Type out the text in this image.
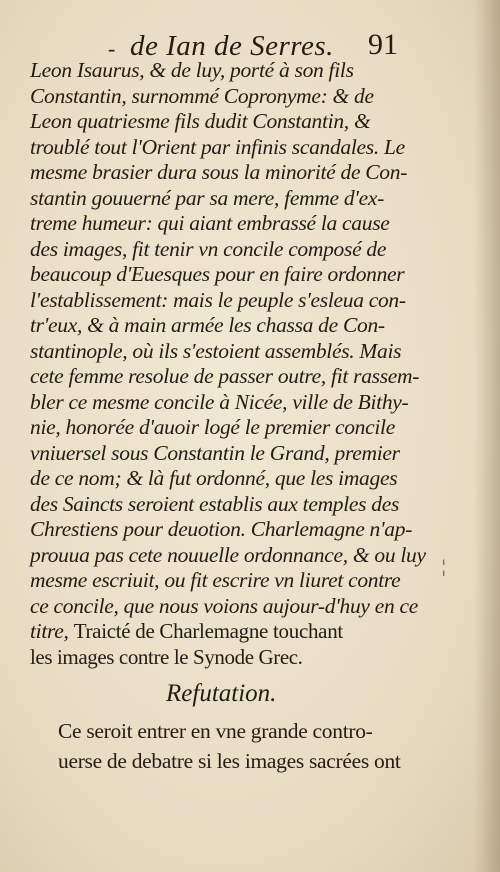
- de Ian de Serres. 91
Leon Isaurus, & de luy, porté à son fils
Constantin, surnommé Copronyme: & de
Leon quatriesme fils dudit Constantin, &
troublé tout l'Orient par infinis scandales. Le
mesme brasier dura sous la minorité de Con-
stantin gouuerné par sa mere, femme d'ex-
treme humeur: qui aiant embrassé la cause
des images, fit tenir vn concile composé de
beaucoup d'Euesques pour en faire ordonner
l'establissement: mais le peuple s'esleua con-
tr'eux, & à main armée les chassa de Con-
stantinople, où ils s'estoient assemblés. Mais
cete femme resolue de passer outre, fit rassem-
bler ce mesme concile à Nicée, ville de Bithy-
nie, honorée d'auoir logé le premier concile
vniuersel sous Constantin le Grand, premier
de ce nom; & là fut ordonné, que les images
des Saincts seroient establis aux temples des
Chrestiens pour deuotion. Charlemagne n'ap-
prouua pas cete nouuelle ordonnance, & ou luy
mesme escriuit, ou fit escrire vn liuret contre
ce concile, que nous voions aujour-d'huy en ce
titre, Traicté de Charlemagne touchant
les images contre le Synode Grec.
Refutation.
Ce seroit entrer en vne grande contro-
uerse de debatre si les images sacrées ont
¦
